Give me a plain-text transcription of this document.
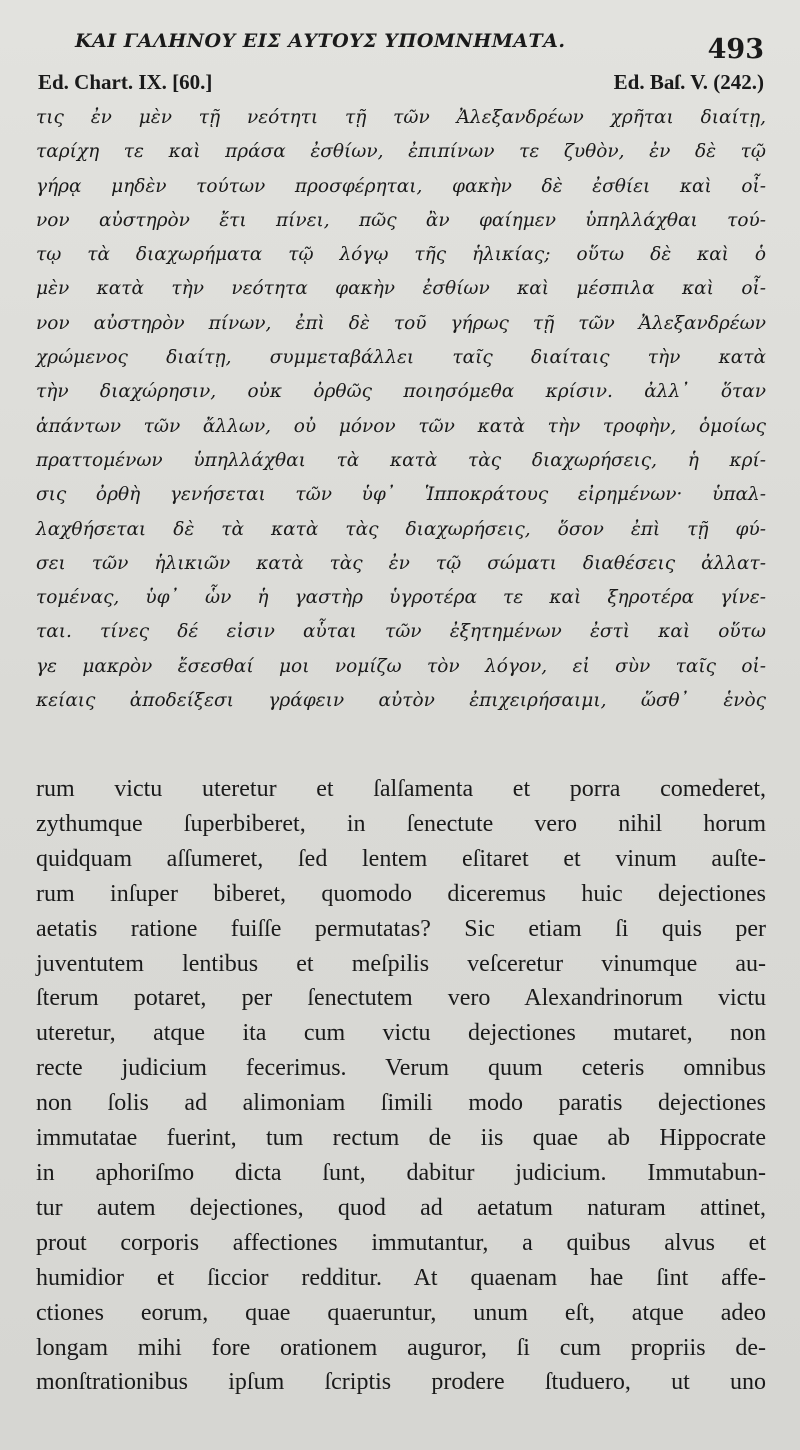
ΚΑΙ ΓΑΛΗΝΟΥ ΕΙΣ ΑΥΤΟΥΣ ΥΠΟΜΝΗΜΑΤΑ.	493
Ed. Chart. IX. [60.]	Ed. Baſ. V. (242.)
τις ἐν μὲν τῇ νεότητι τῇ τῶν Ἀλεξανδρέων χρῆται διαίτῃ,
ταρίχη τε καὶ πράσα ἐσθίων, ἐπιπίνων τε ζυθὸν, ἐν δὲ τῷ
γήρᾳ μηδὲν τούτων προσφέρηται, φακὴν δὲ ἐσθίει καὶ οἶ-
νον αὐστηρὸν ἔτι πίνει, πῶς ἂν φαίημεν ὑπηλλάχθαι τού-
τῳ τὰ διαχωρήματα τῷ λόγῳ τῆς ἡλικίας; οὕτω δὲ καὶ ὁ
μὲν κατὰ τὴν νεότητα φακὴν ἐσθίων καὶ μέσπιλα καὶ οἶ-
νον αὐστηρὸν πίνων, ἐπὶ δὲ τοῦ γήρως τῇ τῶν Ἀλεξανδρέων
χρώμενος διαίτῃ, συμμεταβάλλει ταῖς διαίταις τὴν κατὰ
τὴν διαχώρησιν, οὐκ ὀρθῶς ποιησόμεθα κρίσιν. ἀλλ᾽ ὅταν
ἁπάντων τῶν ἄλλων, οὐ μόνον τῶν κατὰ τὴν τροφὴν, ὁμοίως
πραττομένων ὑπηλλάχθαι τὰ κατὰ τὰς διαχωρήσεις, ἡ κρί-
σις ὀρθὴ γενήσεται τῶν ὑφ᾽ Ἱπποκράτους εἰρημένων· ὑπαλ-
λαχθήσεται δὲ τὰ κατὰ τὰς διαχωρήσεις, ὅσον ἐπὶ τῇ φύ-
σει τῶν ἡλικιῶν κατὰ τὰς ἐν τῷ σώματι διαθέσεις ἀλλατ-
τομένας, ὑφ᾽ ὧν ἡ γαστὴρ ὑγροτέρα τε καὶ ξηροτέρα γίνε-
ται. τίνες δέ εἰσιν αὗται τῶν ἐξητημένων ἐστὶ καὶ οὕτω
γε μακρὸν ἔσεσθαί μοι νομίζω τὸν λόγον, εἰ σὺν ταῖς οἰ-
κείαις ἀποδείξεσι γράφειν αὐτὸν ἐπιχειρήσαιμι, ὥσθ᾽ ἑνὸς
rum victu uteretur et ſalſamenta et porra comederet,
zythumque ſuperbiberet, in ſenectute vero nihil horum
quidquam aſſumeret, ſed lentem eſitaret et vinum auſte-
rum inſuper biberet, quomodo diceremus huic dejectiones
aetatis ratione fuiſſe permutatas? Sic etiam ſi quis per
juventutem lentibus et meſpilis veſceretur vinumque au-
ſterum potaret, per ſenectutem vero Alexandrinorum victu
uteretur, atque ita cum victu dejectiones mutaret, non
recte judicium fecerimus. Verum quum ceteris omnibus
non ſolis ad alimoniam ſimili modo paratis dejectiones
immutatae fuerint, tum rectum de iis quae ab Hippocrate
in aphoriſmo dicta ſunt, dabitur judicium. Immutabun-
tur autem dejectiones, quod ad aetatum naturam attinet,
prout corporis affectiones immutantur, a quibus alvus et
humidior et ſiccior redditur. At quaenam hae ſint affe-
ctiones eorum, quae quaeruntur, unum eſt, atque adeo
longam mihi fore orationem auguror, ſi cum propriis de-
monſtrationibus ipſum ſcriptis prodere ſtuduero, ut uno
